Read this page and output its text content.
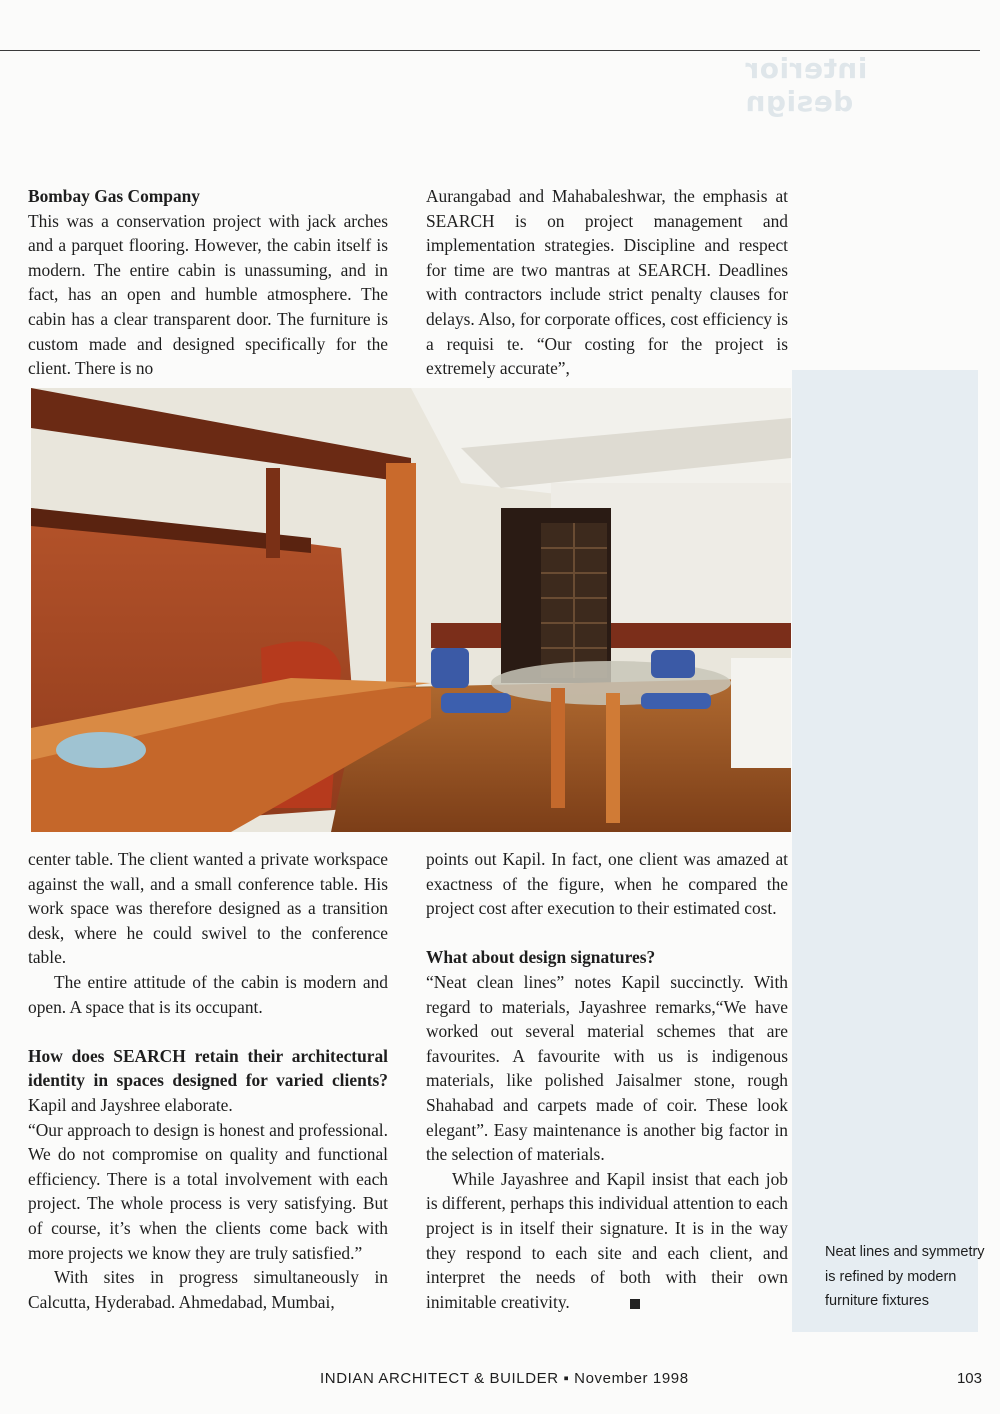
interior design

Bombay Gas Company

This was a conservation project with jack arches and a parquet flooring. However, the cabin itself is modern. The entire cabin is unassuming, and in fact, has an open and humble atmosphere. The cabin has a clear transparent door. The furniture is custom made and designed specifically for the client. There is no

Aurangabad and Mahabaleshwar, the emphasis at SEARCH is on project management and implementation strategies. Discipline and respect for time are two mantras at SEARCH. Deadlines with contractors include strict penalty clauses for delays. Also, for corporate offices, cost efficiency is a requisi te. “Our costing for the project is extremely accurate”,

center table. The client wanted a private workspace against the wall, and a small conference table. His work space was therefore designed as a transition desk, where he could swivel to the conference table.

The entire attitude of the cabin is modern and open. A space that is its occupant.

How does SEARCH retain their architectural identity in spaces designed for varied clients? Kapil and Jayshree elaborate.

“Our approach to design is honest and professional. We do not compromise on quality and functional efficiency. There is a total involvement with each project. The whole process is very satisfying. But of course, it’s when the clients come back with more projects we know they are truly satisfied.”

With sites in progress simultaneously in Calcutta, Hyderabad. Ahmedabad, Mumbai,

points out Kapil. In fact, one client was amazed at exactness of the figure, when he compared the project cost after execution to their estimated cost.

What about design signatures?

“Neat clean lines” notes Kapil succinctly. With regard to materials, Jayashree remarks,“We have worked out several material schemes that are favourites. A favourite with us is indigenous materials, like polished Jaisalmer stone, rough Shahabad and carpets made of coir. These look elegant”. Easy maintenance is another big factor in the selection of materials.

While Jayashree and Kapil insist that each job is different, perhaps this individual attention to each project is in itself their signature. It is in the way they respond to each site and each client, and interpret the needs of both with their own inimitable creativity.

Neat lines and symmetry is refined by modern furniture fixtures
INDIAN ARCHITECT & BUILDER ▪ November 1998	103
